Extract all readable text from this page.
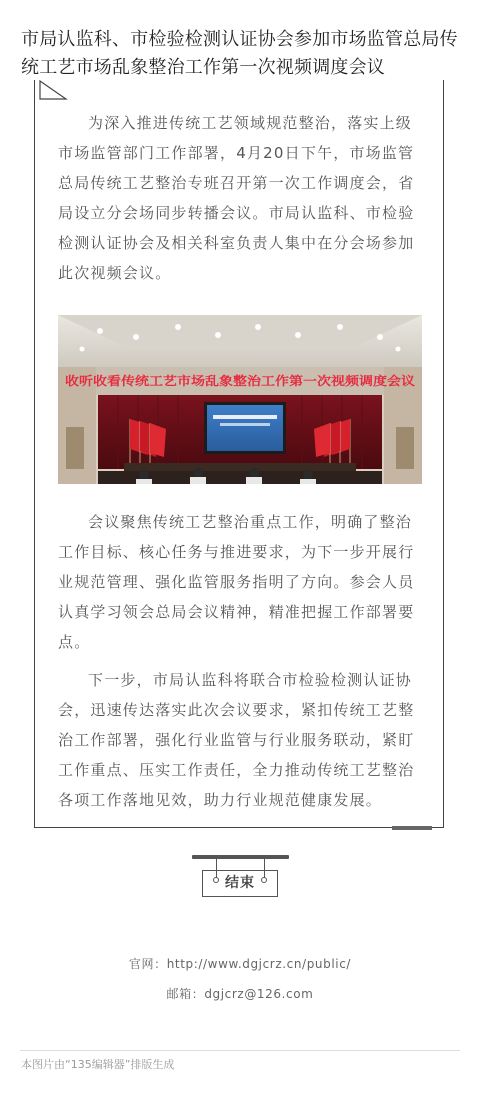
市局认监科、市检验检测认证协会参加市场监管总局传统工艺市场乱象整治工作第一次视频调度会议

为深入推进传统工艺领域规范整治，落实上级市场监管部门工作部署，4月20日下午，市场监管总局传统工艺整治专班召开第一次工作调度会，省局设立分会场同步转播会议。市局认监科、市检验检测认证协会及相关科室负责人集中在分会场参加此次视频会议。

收听收看传统工艺市场乱象整治工作第一次视频调度会议

会议聚焦传统工艺整治重点工作，明确了整治工作目标、核心任务与推进要求，为下一步开展行业规范管理、强化监管服务指明了方向。参会人员认真学习领会总局会议精神，精准把握工作部署要点。

下一步，市局认监科将联合市检验检测认证协会，迅速传达落实此次会议要求，紧扣传统工艺整治工作部署，强化行业监管与行业服务联动，紧盯工作重点、压实工作责任，全力推动传统工艺整治各项工作落地见效，助力行业规范健康发展。

结束
官网：http://www.dgjcrz.cn/public/
邮箱：dgjcrz@126.com
本图片由“135编辑器”排版生成
